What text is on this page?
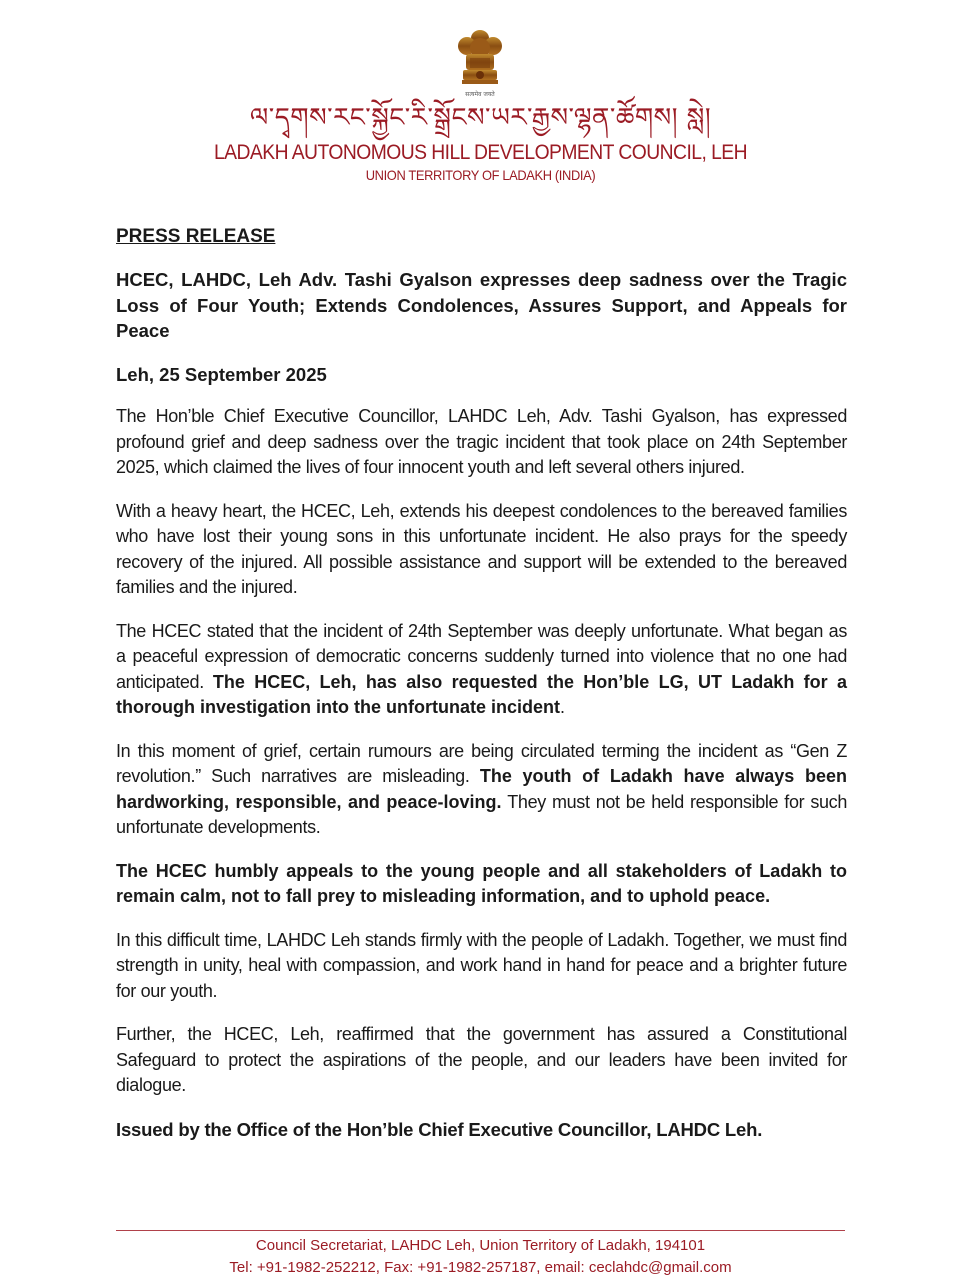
सत्यमेव जयते
ལ་དྭགས་རང་སྐྱོང་རི་སྒྲོངས་ཡར་རྒྱས་ལྷན་ཚོགས། སླེ།
LADAKH AUTONOMOUS HILL DEVELOPMENT COUNCIL, LEH
UNION TERRITORY OF LADAKH (INDIA)
PRESS RELEASE
HCEC, LAHDC, Leh Adv. Tashi Gyalson expresses deep sadness over the Tragic Loss of Four Youth; Extends Condolences, Assures Support, and Appeals for Peace
Leh, 25 September 2025

The Hon’ble Chief Executive Councillor, LAHDC Leh, Adv. Tashi Gyalson, has expressed profound grief and deep sadness over the tragic incident that took place on 24th September 2025, which claimed the lives of four innocent youth and left several others injured.

With a heavy heart, the HCEC, Leh, extends his deepest condolences to the bereaved families who have lost their young sons in this unfortunate incident. He also prays for the speedy recovery of the injured. All possible assistance and support will be extended to the bereaved families and the injured.

The HCEC stated that the incident of 24th September was deeply unfortunate. What began as a peaceful expression of democratic concerns suddenly turned into violence that no one had anticipated. The HCEC, Leh, has also requested the Hon’ble LG, UT Ladakh for a thorough investigation into the unfortunate incident.

In this moment of grief, certain rumours are being circulated terming the incident as “Gen Z revolution.” Such narratives are misleading. The youth of Ladakh have always been hardworking, responsible, and peace-loving. They must not be held responsible for such unfortunate developments.

The HCEC humbly appeals to the young people and all stakeholders of Ladakh to remain calm, not to fall prey to misleading information, and to uphold peace.

In this difficult time, LAHDC Leh stands firmly with the people of Ladakh. Together, we must find strength in unity, heal with compassion, and work hand in hand for peace and a brighter future for our youth.

Further, the HCEC, Leh, reaffirmed that the government has assured a Constitutional Safeguard to protect the aspirations of the people, and our leaders have been invited for dialogue.

Issued by the Office of the Hon’ble Chief Executive Councillor, LAHDC Leh.

Council Secretariat, LAHDC Leh, Union Territory of Ladakh, 194101
Tel: +91-1982-252212, Fax: +91-1982-257187, email: ceclahdc@gmail.com
